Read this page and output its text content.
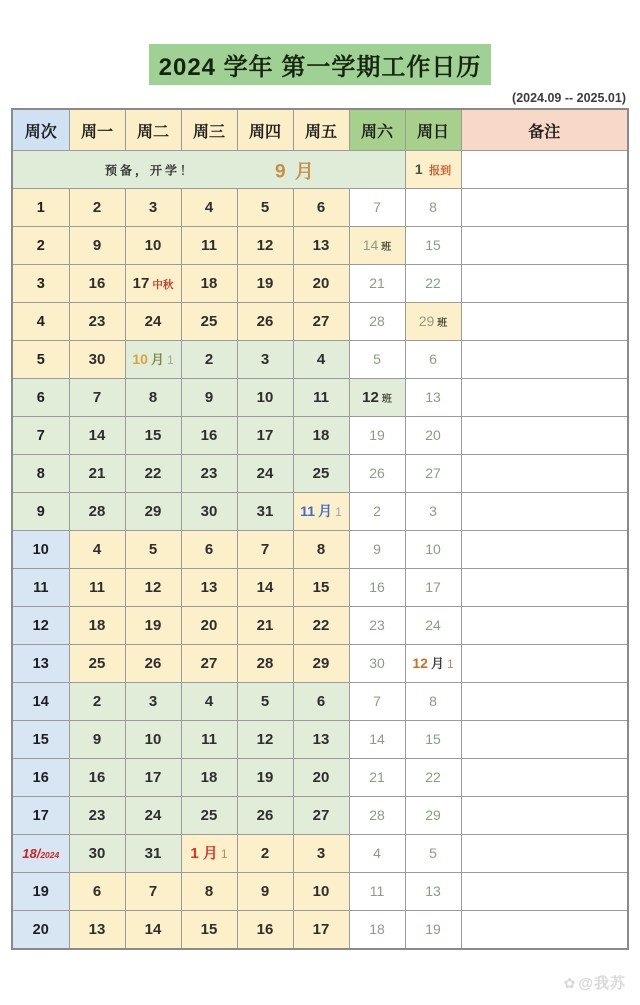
2024 学年 第一学期工作日历
(2024.09 -- 2025.01)
周次	周一	周二	周三	周四	周五	周六	周日	备注

预备，开学！ 9 月							1 报到	
1	2	3	4	5	6	7	8	
2	9	10	11	12	13	14 班	15	
3	16	17 中秋	18	19	20	21	22	
4	23	24	25	26	27	28	29 班	
5	30	10 月 1	2	3	4	5	6	
6	7	8	9	10	11	12 班	13	
7	14	15	16	17	18	19	20	
8	21	22	23	24	25	26	27	
9	28	29	30	31	11 月 1	2	3	
10	4	5	6	7	8	9	10	
11	11	12	13	14	15	16	17	
12	18	19	20	21	22	23	24	
13	25	26	27	28	29	30	12 月 1	
14	2	3	4	5	6	7	8	
15	9	10	11	12	13	14	15	
16	16	17	18	19	20	21	22	
17	23	24	25	26	27	28	29	
18/2024	30	31	1 月 1	2	3	4	5	
19	6	7	8	9	10	11	13	
20	13	14	15	16	17	18	19	
✿ @我苏
